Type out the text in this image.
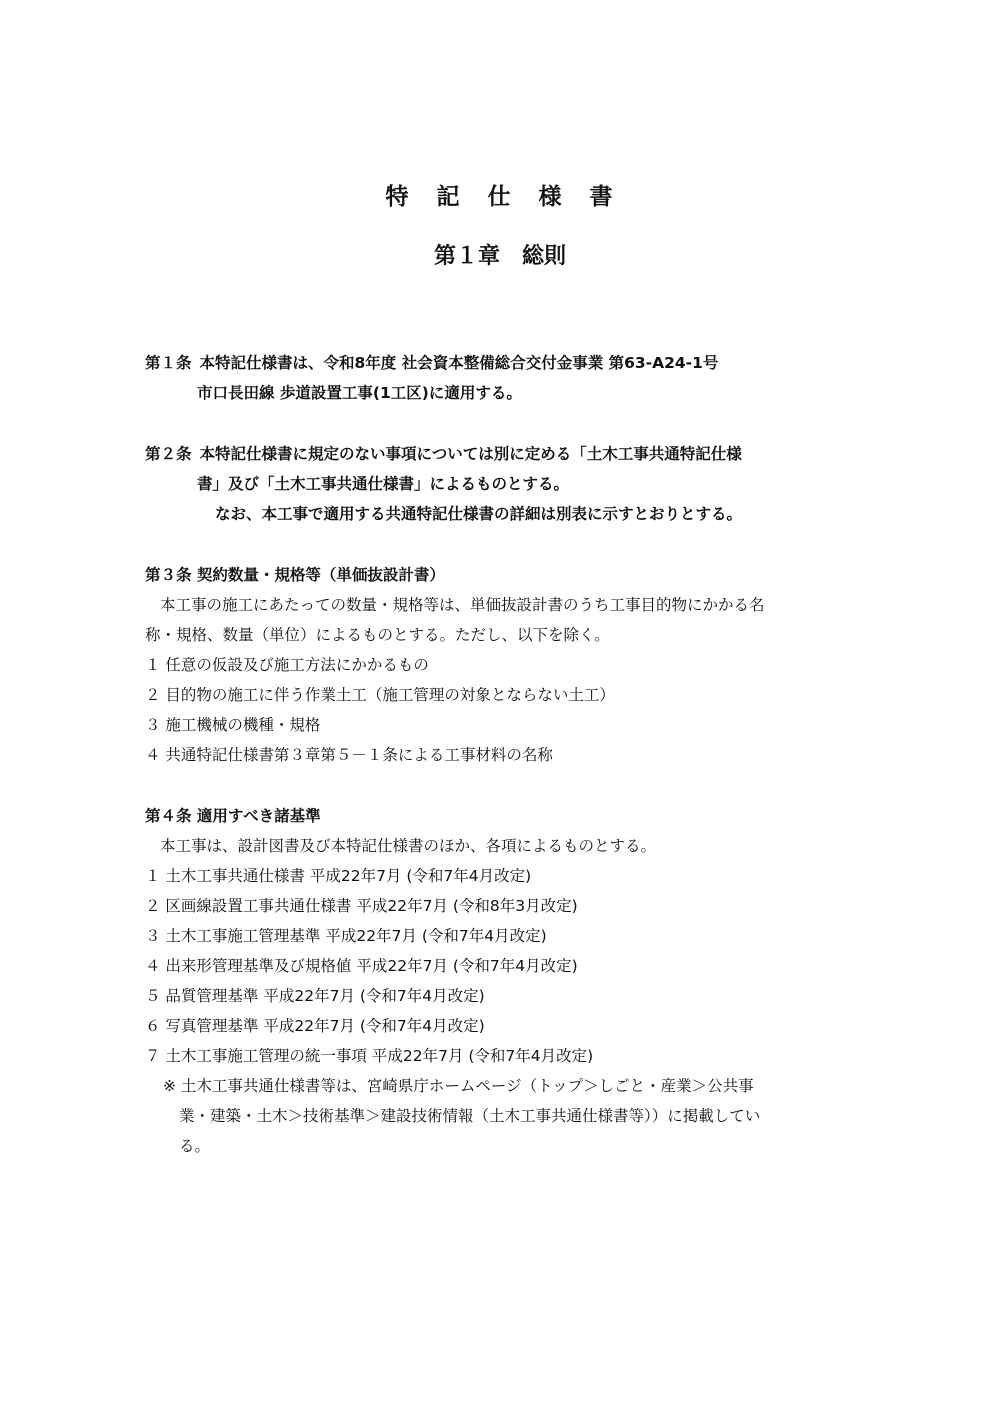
特 記 仕 様 書
第１章　総則
第１条 本特記仕様書は、令和8年度 社会資本整備総合交付金事業 第63-A24-1号
市口長田線 歩道設置工事(1工区)に適用する。
第２条 本特記仕様書に規定のない事項については別に定める「土木工事共通特記仕様
書」及び「土木工事共通仕様書」によるものとする。
なお、本工事で適用する共通特記仕様書の詳細は別表に示すとおりとする。
第３条 契約数量・規格等（単価抜設計書）
本工事の施工にあたっての数量・規格等は、単価抜設計書のうち工事目的物にかかる名
称・規格、数量（単位）によるものとする。ただし、以下を除く。
１ 任意の仮設及び施工方法にかかるもの
２ 目的物の施工に伴う作業土工（施工管理の対象とならない土工）
３ 施工機械の機種・規格
４ 共通特記仕様書第３章第５－１条による工事材料の名称
第４条 適用すべき諸基準
本工事は、設計図書及び本特記仕様書のほか、各項によるものとする。
１ 土木工事共通仕様書 平成22年7月 (令和7年4月改定)
２ 区画線設置工事共通仕様書 平成22年7月 (令和8年3月改定)
３ 土木工事施工管理基準 平成22年7月 (令和7年4月改定)
４ 出来形管理基準及び規格値 平成22年7月 (令和7年4月改定)
５ 品質管理基準 平成22年7月 (令和7年4月改定)
６ 写真管理基準 平成22年7月 (令和7年4月改定)
７ 土木工事施工管理の統一事項 平成22年7月 (令和7年4月改定)
※ 土木工事共通仕様書等は、宮崎県庁ホームページ（トップ＞しごと・産業＞公共事
業・建築・土木＞技術基準＞建設技術情報（土木工事共通仕様書等））に掲載してい
る。
